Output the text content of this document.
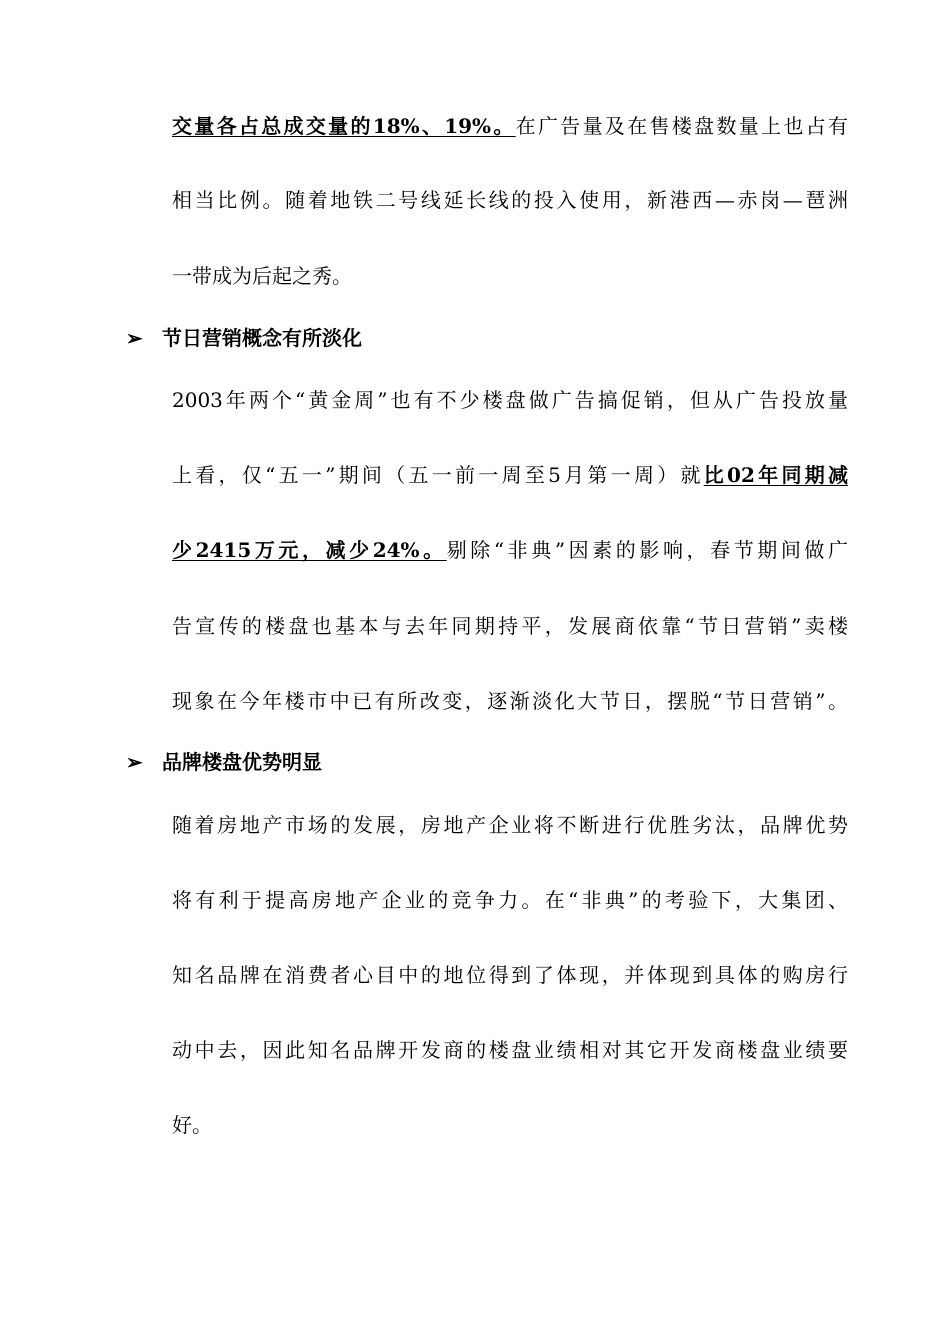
交量各占总成交量的18%、19%。在广告量及在售楼盘数量上也占有
相当比例。随着地铁二号线延长线的投入使用，新港西—赤岗—琶洲
一带成为后起之秀。
➢ 节日营销概念有所淡化
2003年两个“黄金周”也有不少楼盘做广告搞促销，但从广告投放量
上看，仅“五一”期间（五一前一周至5月第一周）就比02年同期减
少2415万元，减少24%。剔除“非典”因素的影响，春节期间做广
告宣传的楼盘也基本与去年同期持平，发展商依靠“节日营销”卖楼
现象在今年楼市中已有所改变，逐渐淡化大节日，摆脱“节日营销”。
➢ 品牌楼盘优势明显
随着房地产市场的发展，房地产企业将不断进行优胜劣汰，品牌优势
将有利于提高房地产企业的竞争力。在“非典”的考验下，大集团、
知名品牌在消费者心目中的地位得到了体现，并体现到具体的购房行
动中去，因此知名品牌开发商的楼盘业绩相对其它开发商楼盘业绩要
好。
